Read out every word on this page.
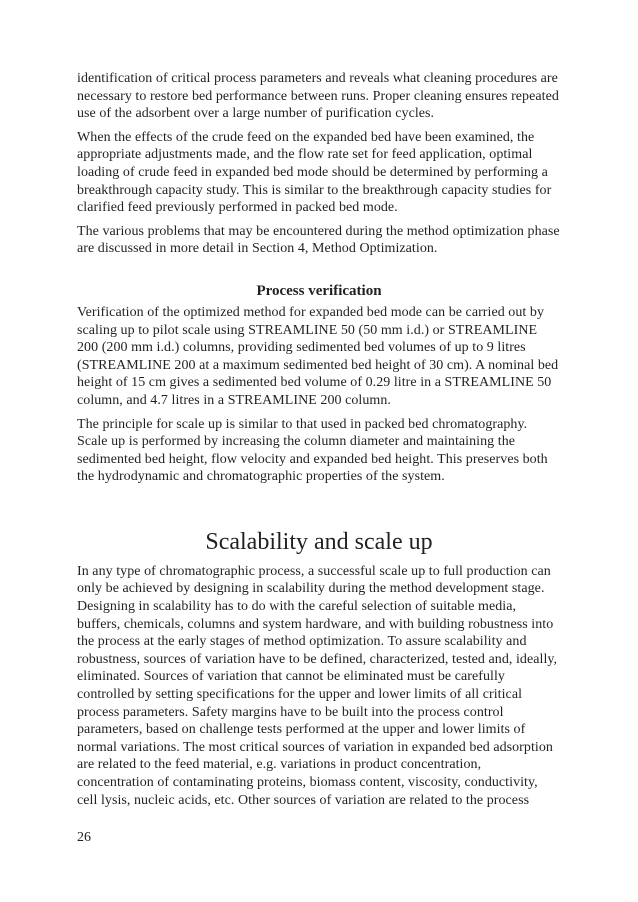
identification of critical process parameters and reveals what cleaning procedures are necessary to restore bed performance between runs. Proper cleaning ensures repeated use of the adsorbent over a large number of purification cycles.

When the effects of the crude feed on the expanded bed have been examined, the appropriate adjustments made, and the flow rate set for feed application, optimal loading of crude feed in expanded bed mode should be determined by performing a breakthrough capacity study. This is similar to the breakthrough capacity studies for clarified feed previously performed in packed bed mode.

The various problems that may be encountered during the method optimization phase are discussed in more detail in Section 4, Method Optimization.

Process verification

Verification of the optimized method for expanded bed mode can be carried out by scaling up to pilot scale using STREAMLINE 50 (50 mm i.d.) or STREAMLINE 200 (200 mm i.d.) columns, providing sedimented bed volumes of up to 9 litres (STREAMLINE 200 at a maximum sedimented bed height of 30 cm). A nominal bed height of 15 cm gives a sedimented bed volume of 0.29 litre in a STREAMLINE 50 column, and 4.7 litres in a STREAMLINE 200 column.

The principle for scale up is similar to that used in packed bed chromatography. Scale up is performed by increasing the column diameter and maintaining the sedimented bed height, flow velocity and expanded bed height. This preserves both the hydrodynamic and chromatographic properties of the system.

Scalability and scale up

In any type of chromatographic process, a successful scale up to full production can only be achieved by designing in scalability during the method development stage. Designing in scalability has to do with the careful selection of suitable media, buffers, chemicals, columns and system hardware, and with building robustness into the process at the early stages of method optimization. To assure scalability and robustness, sources of variation have to be defined, characterized, tested and, ideally, eliminated. Sources of variation that cannot be eliminated must be carefully controlled by setting specifications for the upper and lower limits of all critical process parameters. Safety margins have to be built into the process control parameters, based on challenge tests performed at the upper and lower limits of normal variations. The most critical sources of variation in expanded bed adsorption are related to the feed material, e.g. variations in product concentration, concentration of contaminating proteins, biomass content, viscosity, conductivity, cell lysis, nucleic acids, etc. Other sources of variation are related to the process

26
